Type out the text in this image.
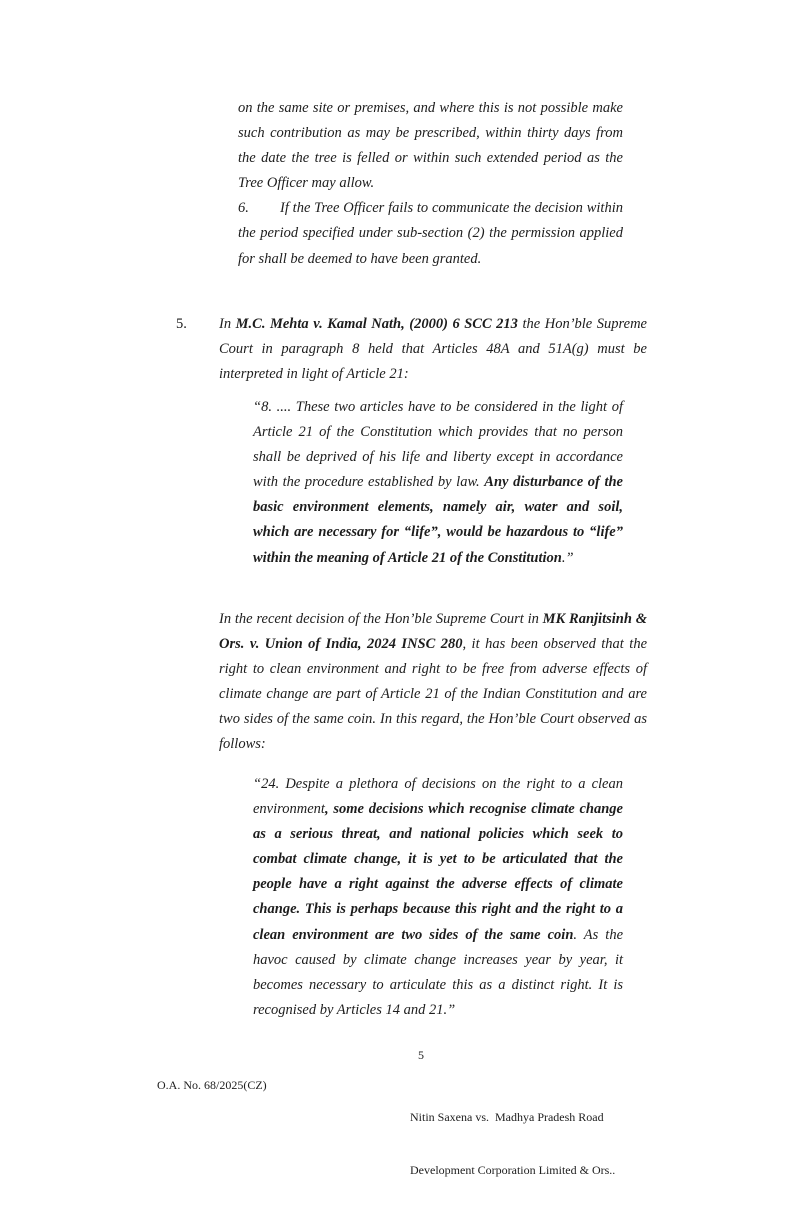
on the same site or premises, and where this is not possible make such contribution as may be prescribed, within thirty days from the date the tree is felled or within such extended period as the Tree Officer may allow.

6. If the Tree Officer fails to communicate the decision within the period specified under sub-section (2) the permission applied for shall be deemed to have been granted.

5. In M.C. Mehta v. Kamal Nath, (2000) 6 SCC 213 the Hon’ble Supreme Court in paragraph 8 held that Articles 48A and 51A(g) must be interpreted in light of Article 21:

“8. .... These two articles have to be considered in the light of Article 21 of the Constitution which provides that no person shall be deprived of his life and liberty except in accordance with the procedure established by law. Any disturbance of the basic environment elements, namely air, water and soil, which are necessary for “life”, would be hazardous to “life” within the meaning of Article 21 of the Constitution.”

In the recent decision of the Hon’ble Supreme Court in MK Ranjitsinh & Ors. v. Union of India, 2024 INSC 280, it has been observed that the right to clean environment and right to be free from adverse effects of climate change are part of Article 21 of the Indian Constitution and are two sides of the same coin. In this regard, the Hon’ble Court observed as follows:

“24. Despite a plethora of decisions on the right to a clean environment, some decisions which recognise climate change as a serious threat, and national policies which seek to combat climate change, it is yet to be articulated that the people have a right against the adverse effects of climate change. This is perhaps because this right and the right to a clean environment are two sides of the same coin. As the havoc caused by climate change increases year by year, it becomes necessary to articulate this as a distinct right. It is recognised by Articles 14 and 21.”

5
O.A. No. 68/2025(CZ)

Nitin Saxena vs.  Madhya Pradesh Road

Development Corporation Limited & Ors..
